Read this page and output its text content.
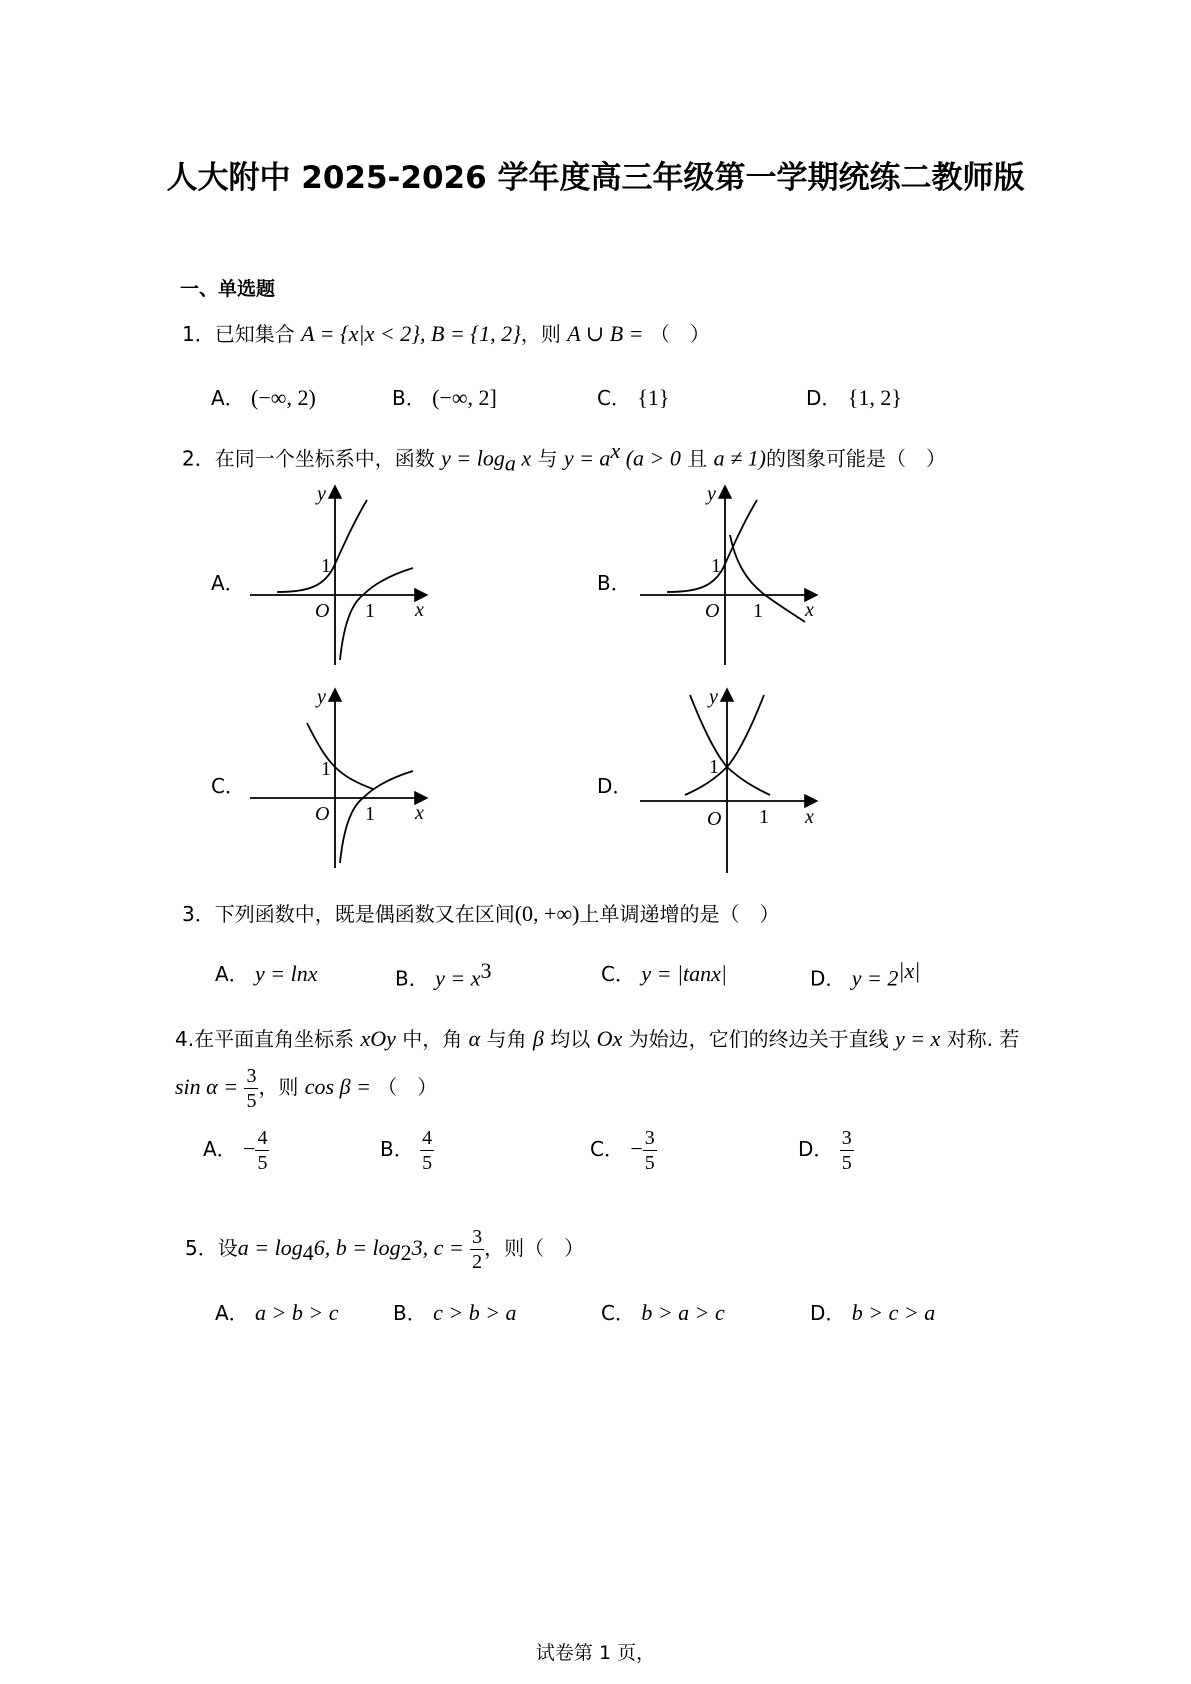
人大附中 2025-2026 学年度高三年级第一学期统练二教师版
一、单选题
1．已知集合 A = {x|x < 2}, B = {1, 2}，则 A ∪ B = （　）
A． (−∞, 2)	B． (−∞, 2]	C． {1}	D． {1, 2}
2．在同一个坐标系中，函数 $y = \log_a x$ 与 $y = a^x$ (a > 0 且 a ≠ 1)的图象可能是（　）
A．	B．
C．	D．
y
x
O 1
1
y
x
O 1
1
y
x
O 1
1
y
x
O 1
1
3．下列函数中，既是偶函数又在区间(0, +∞)上单调递增的是（　）
A． y = lnx	B． $y = x^3$	C． y = |tanx|	D． $y = 2^{|x|}$
4.在平面直角坐标系 xOy 中，角 α 与角 β 均以 Ox 为始边，它们的终边关于直线 y = x 对称. 若
$\sin \alpha = \frac{3}{5}$ ，则 cos β = （　）
A． − $\frac{4}{5}$	B． $\frac{4}{5}$	C． − $\frac{3}{5}$	D． $\frac{3}{5}$
5．设$a = \log_46$, $b = \log_23$, $c = \frac{3}{2}$ ，则（　）
A． a > b > c	B． c > b > a	C． b > a > c	D． b > c > a
试卷第 1 页，
